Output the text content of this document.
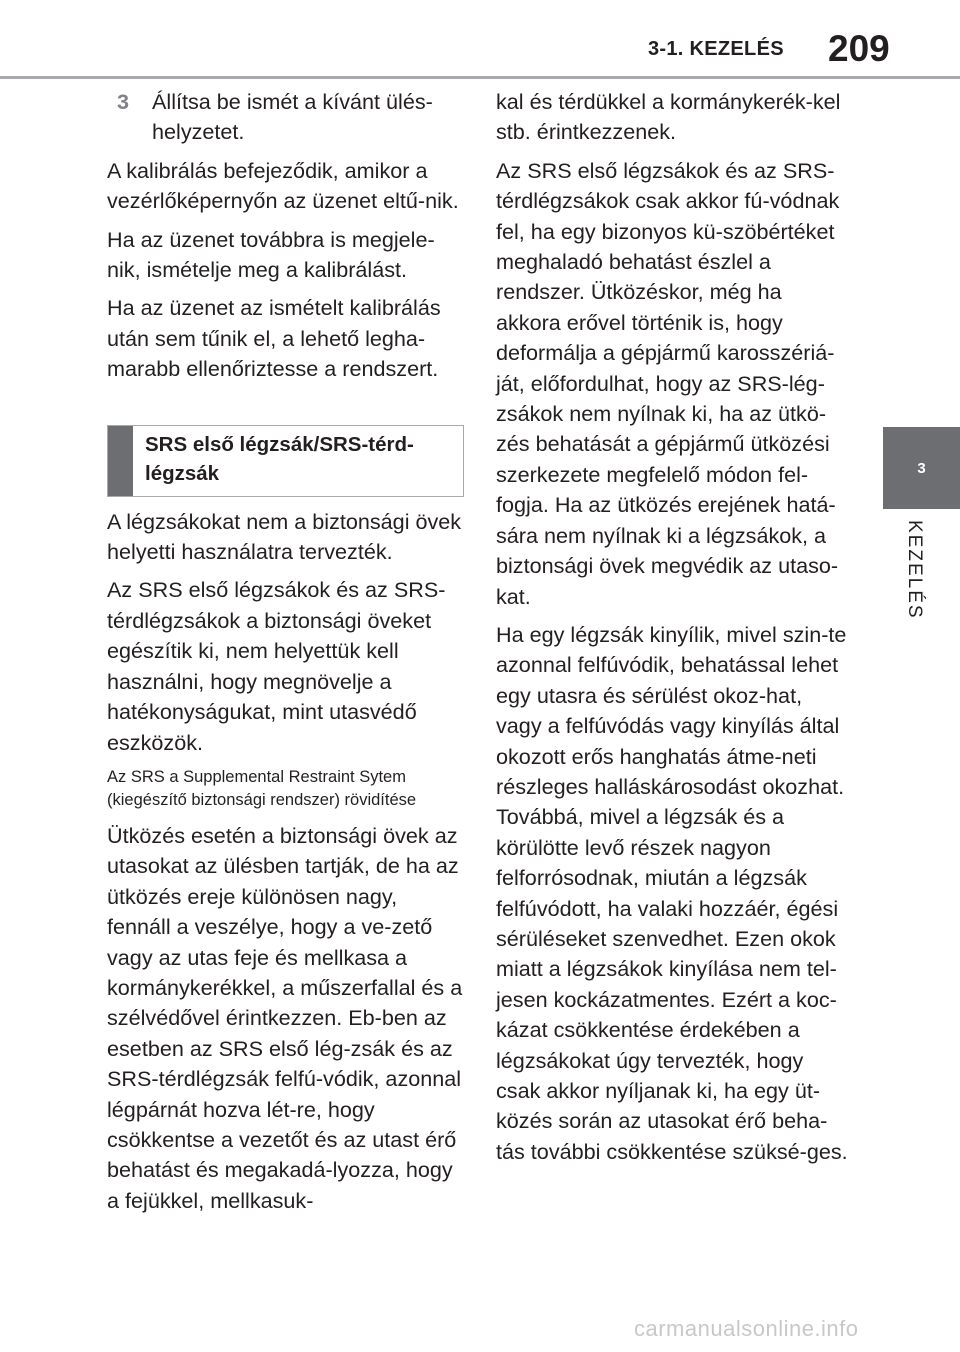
3-1. KEZELÉS 209
3
KEZELÉS

3	Állítsa be ismét a kívánt ülés-helyzetet.

A kalibrálás befejeződik, amikor a vezérlőképernyőn az üzenet eltű-nik.

Ha az üzenet továbbra is megjele-nik, ismételje meg a kalibrálást.

Ha az üzenet az ismételt kalibrálás után sem tűnik el, a lehető legha-marabb ellenőriztesse a rendszert.

SRS első légzsák/SRS-térd-légzsák

A légzsákokat nem a biztonsági övek helyetti használatra tervezték.

Az SRS első légzsákok és az SRS-térdlégzsákok a biztonsági öveket egészítik ki, nem helyettük kell használni, hogy megnövelje a hatékonyságukat, mint utasvédő eszközök.

Az SRS a Supplemental Restraint Sytem (kiegészítő biztonsági rendszer) rövidítése

Ütközés esetén a biztonsági övek az utasokat az ülésben tartják, de ha az ütközés ereje különösen nagy, fennáll a veszélye, hogy a ve-zető vagy az utas feje és mellkasa a kormánykerékkel, a műszerfallal és a szélvédővel érintkezzen. Eb-ben az esetben az SRS első lég-zsák és az SRS-térdlégzsák felfú-vódik, azonnal légpárnát hozva lét-re, hogy csökkentse a vezetőt és az utast érő behatást és megakadá-lyozza, hogy a fejükkel, mellkasuk-

kal és térdükkel a kormánykerék-kel stb. érintkezzenek.

Az SRS első légzsákok és az SRS-térdlégzsákok csak akkor fú-vódnak fel, ha egy bizonyos kü-szöbértéket meghaladó behatást észlel a rendszer. Ütközéskor, még ha akkora erővel történik is, hogy deformálja a gépjármű karosszériá-ját, előfordulhat, hogy az SRS-lég-zsákok nem nyílnak ki, ha az ütkö-zés behatását a gépjármű ütközési szerkezete megfelelő módon fel-fogja. Ha az ütközés erejének hatá-sára nem nyílnak ki a légzsákok, a biztonsági övek megvédik az utaso-kat.

Ha egy légzsák kinyílik, mivel szin-te azonnal felfúvódik, behatással lehet egy utasra és sérülést okoz-hat, vagy a felfúvódás vagy kinyílás által okozott erős hanghatás átme-neti részleges halláskárosodást okozhat. Továbbá, mivel a légzsák és a körülötte levő részek nagyon felforrósodnak, miután a légzsák felfúvódott, ha valaki hozzáér, égési sérüléseket szenvedhet. Ezen okok miatt a légzsákok kinyílása nem tel-jesen kockázatmentes. Ezért a koc-kázat csökkentése érdekében a légzsákokat úgy tervezték, hogy csak akkor nyíljanak ki, ha egy üt-közés során az utasokat érő beha-tás további csökkentése szüksé-ges.

carmanualsonline.info
